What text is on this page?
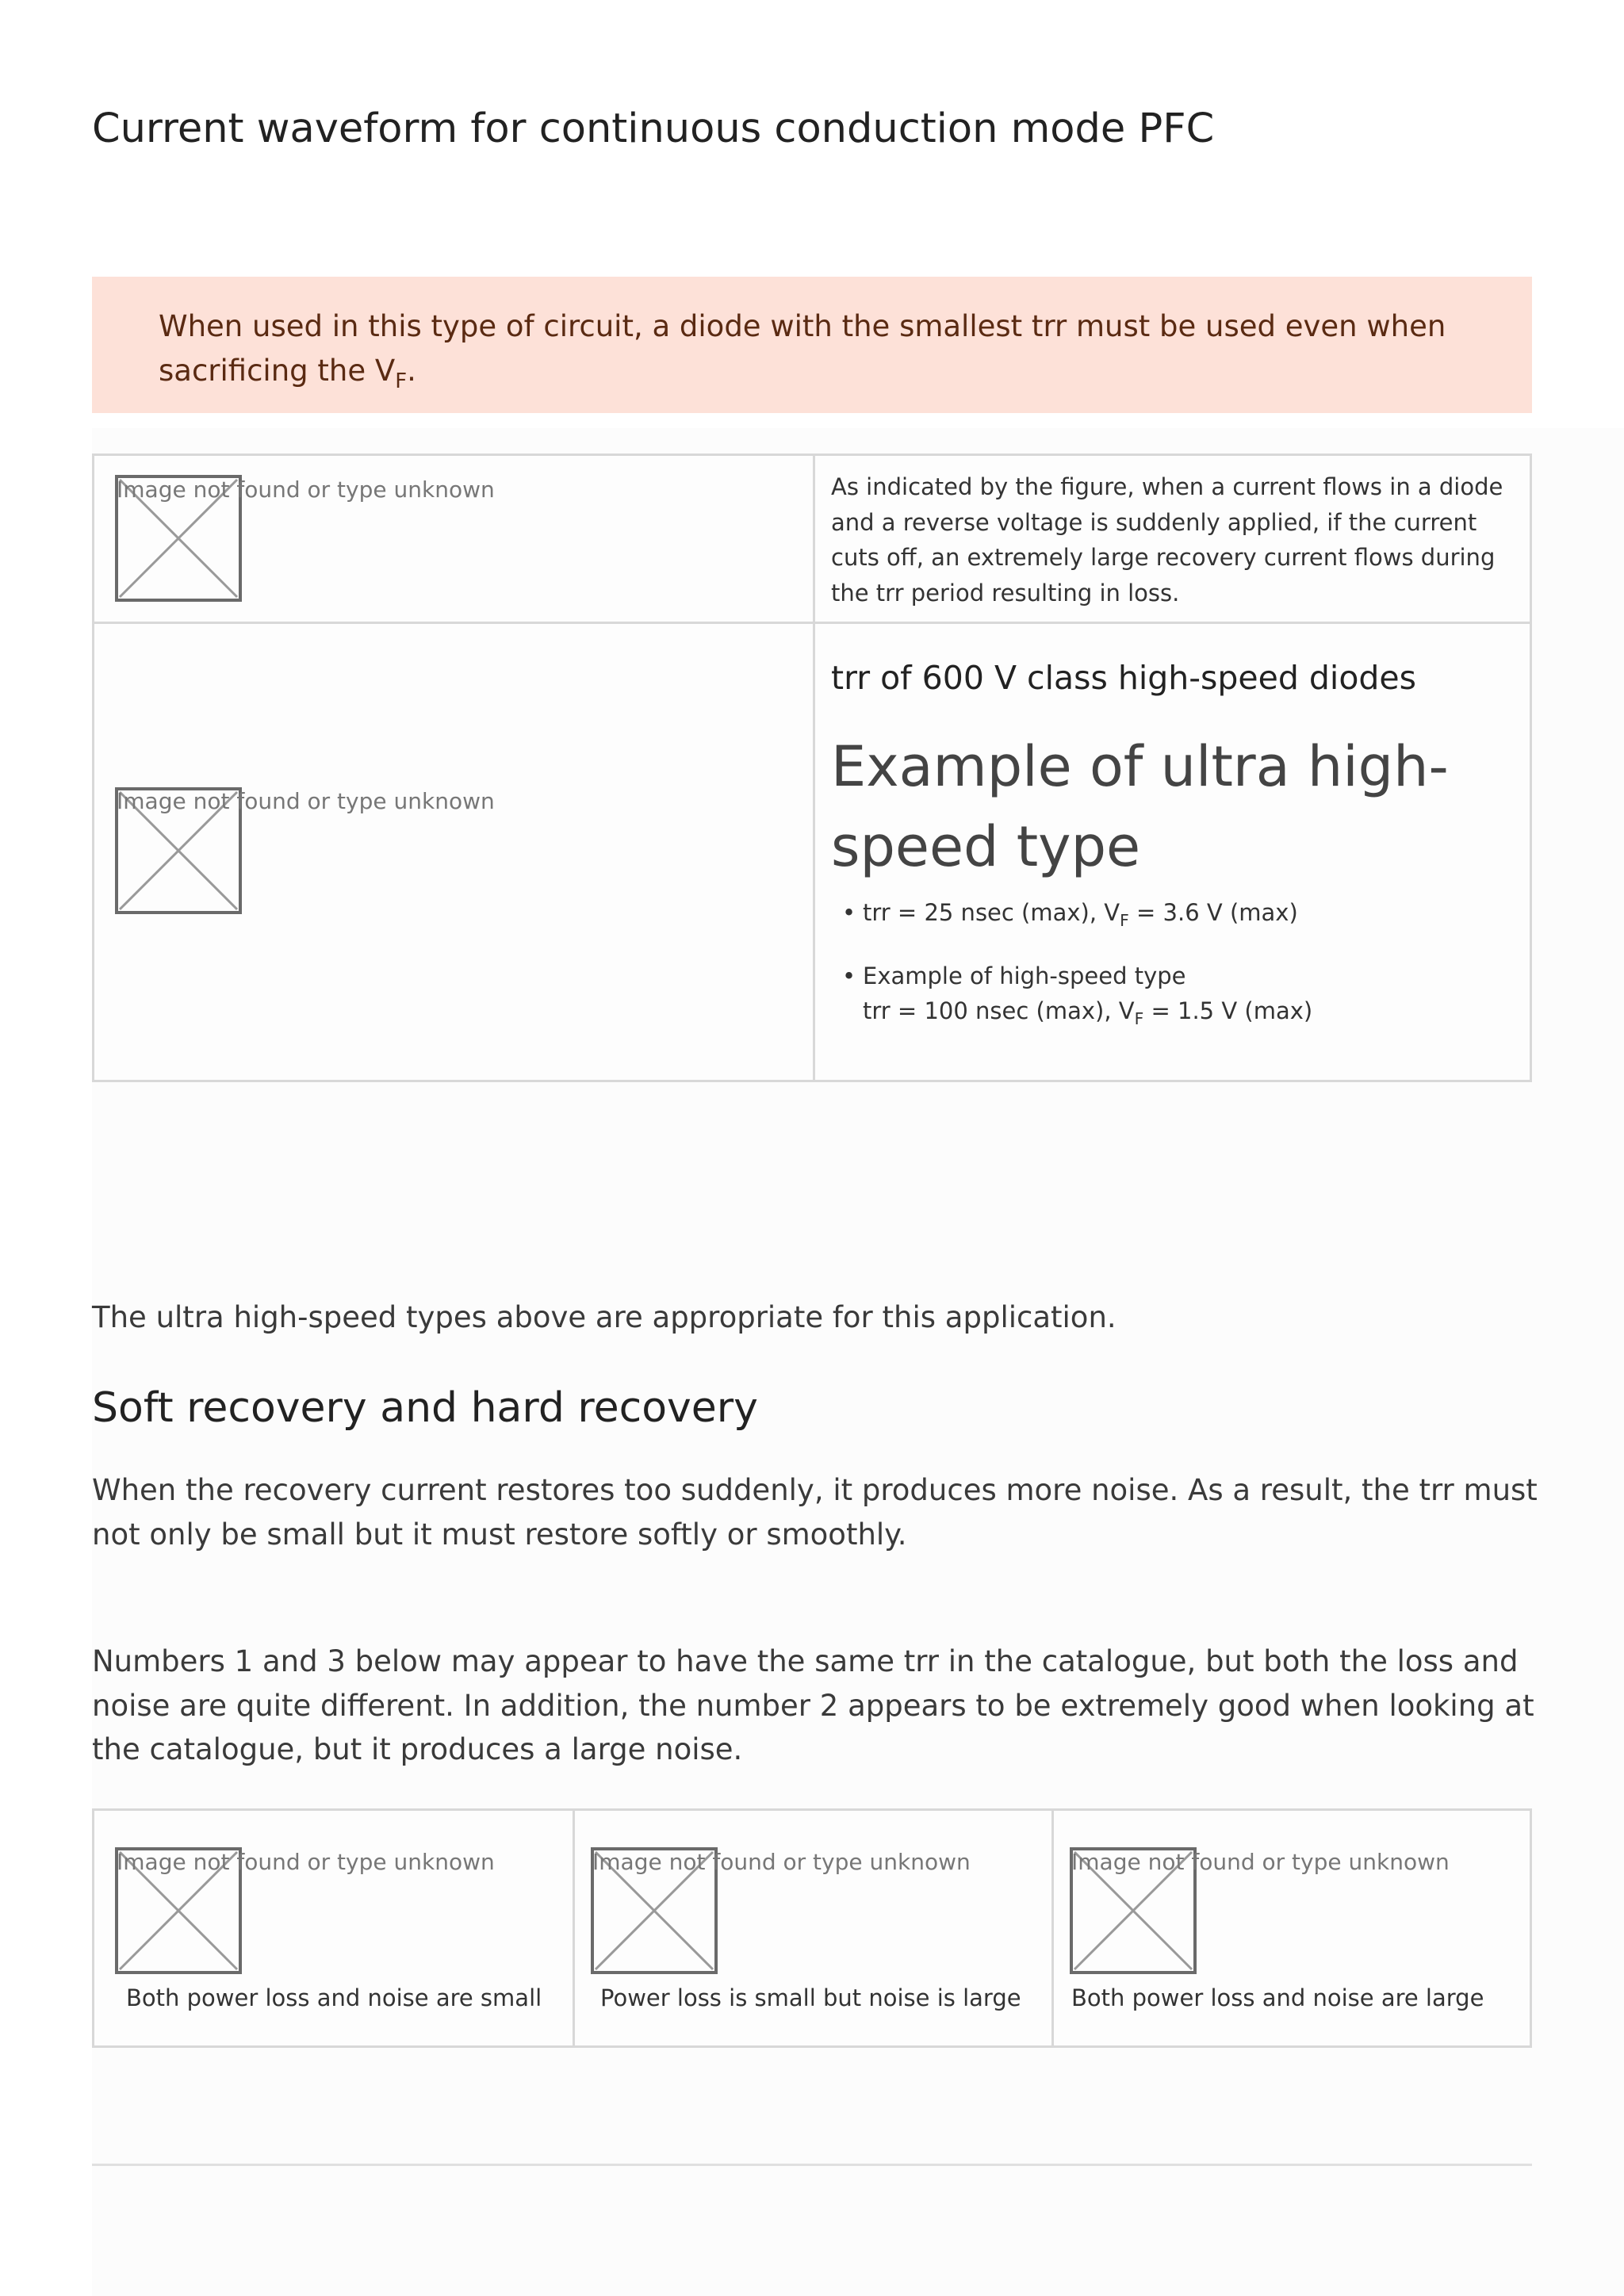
Current waveform for continuous conduction mode PFC
When used in this type of circuit, a diode with the smallest trr must be used even when sacrificing the $V_F$.
Image not found or type unknown	As indicated by the figure, when a current flows in a diode and a reverse voltage is suddenly applied, if the current cuts off, an extremely large recovery current flows during the trr period resulting in loss.
Image not found or type unknown
trr of 600 V class high-speed diodes
Example of ultra high-speed type
• trr = 25 nsec (max), $V_F = 3.6$ V (max)
• Example of high-speed type
trr = 100 nsec (max), $V_F = 1.5$ V (max)

The ultra high-speed types above are appropriate for this application.

Soft recovery and hard recovery

When the recovery current restores too suddenly, it produces more noise. As a result, the trr must not only be small but it must restore softly or smoothly.

Numbers 1 and 3 below may appear to have the same trr in the catalogue, but both the loss and noise are quite different. In addition, the number 2 appears to be extremely good when looking at the catalogue, but it produces a large noise.

Image not found or type unknown
Both power loss and noise are small
Image not found or type unknown
Power loss is small but noise is large
Image not found or type unknown
Both power loss and noise are large
